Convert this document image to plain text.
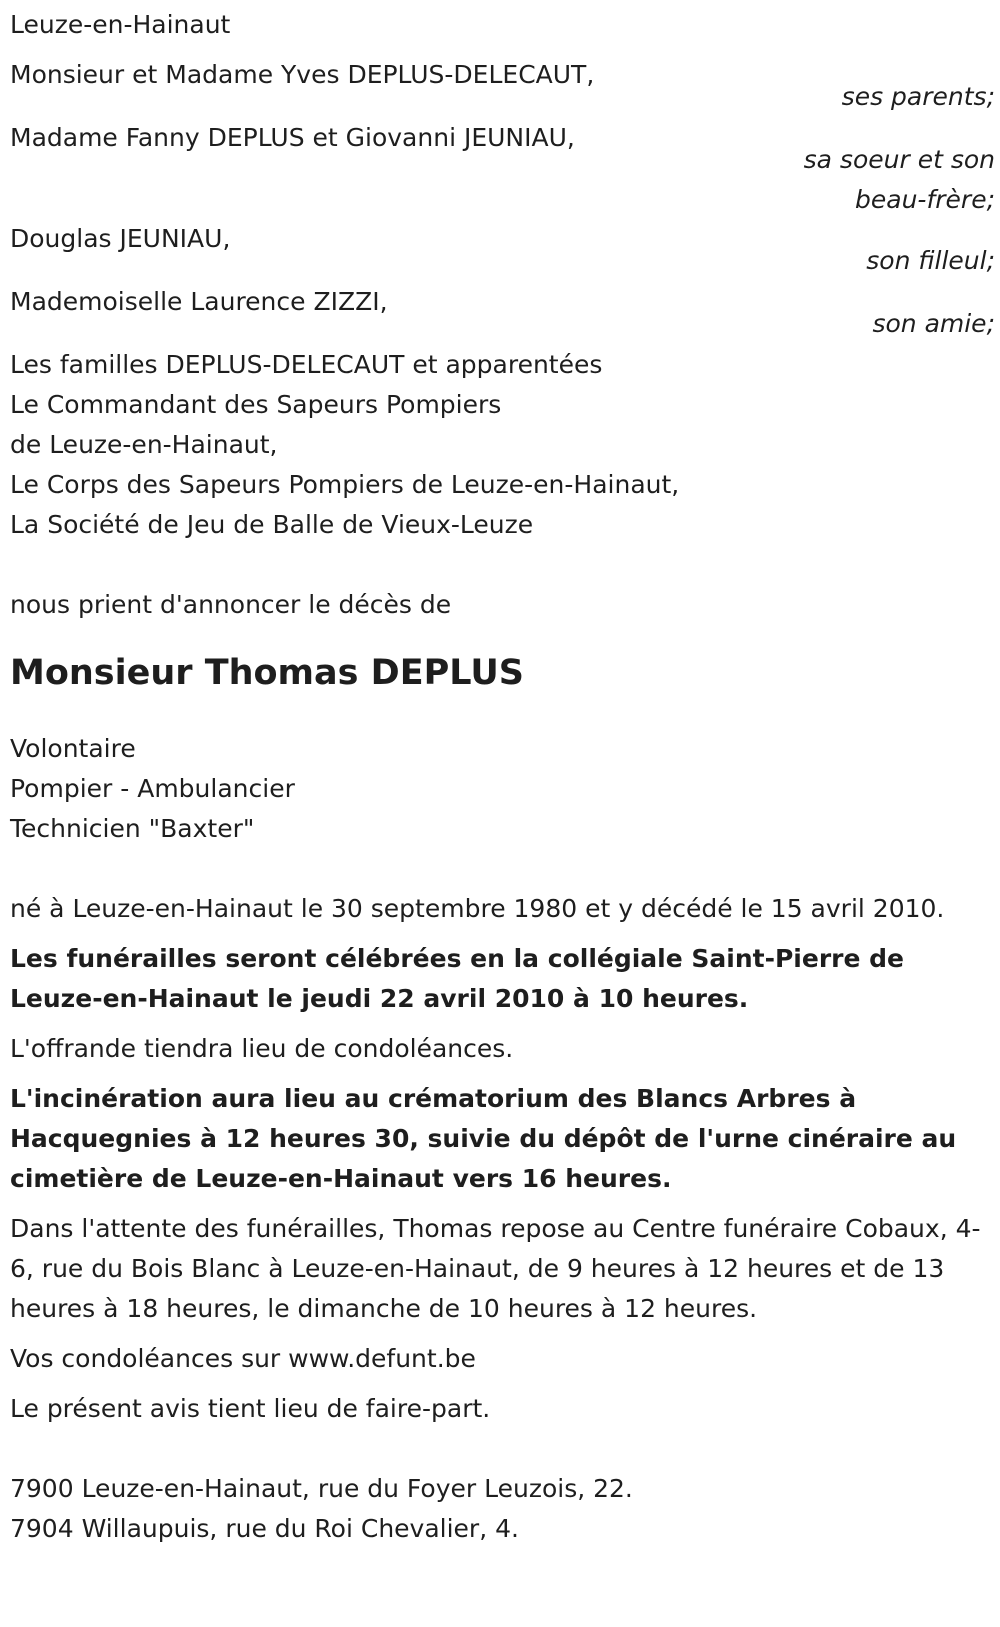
Leuze-en-Hainaut
Monsieur et Madame Yves DEPLUS-DELECAUT,
ses parents;
Madame Fanny DEPLUS et Giovanni JEUNIAU,
sa soeur et son
beau-frère;
Douglas JEUNIAU,
son filleul;
Mademoiselle Laurence ZIZZI,
son amie;
Les familles DEPLUS-DELECAUT et apparentées
Le Commandant des Sapeurs Pompiers
de Leuze-en-Hainaut,
Le Corps des Sapeurs Pompiers de Leuze-en-Hainaut,
La Société de Jeu de Balle de Vieux-Leuze
nous prient d'annoncer le décès de
Monsieur Thomas DEPLUS
Volontaire
Pompier - Ambulancier
Technicien "Baxter"
né à Leuze-en-Hainaut le 30 septembre 1980 et y décédé le 15 avril 2010.
Les funérailles seront célébrées en la collégiale Saint-Pierre de Leuze-en-Hainaut le jeudi 22 avril 2010 à 10 heures.
L'offrande tiendra lieu de condoléances.
L'incinération aura lieu au crématorium des Blancs Arbres à Hacquegnies à 12 heures 30, suivie du dépôt de l'urne cinéraire au cimetière de Leuze-en-Hainaut vers 16 heures.
Dans l'attente des funérailles, Thomas repose au Centre funéraire Cobaux, 4-6, rue du Bois Blanc à Leuze-en-Hainaut, de 9 heures à 12 heures et de 13 heures à 18 heures, le dimanche de 10 heures à 12 heures.
Vos condoléances sur www.defunt.be
Le présent avis tient lieu de faire-part.
7900 Leuze-en-Hainaut, rue du Foyer Leuzois, 22.
7904 Willaupuis, rue du Roi Chevalier, 4.
